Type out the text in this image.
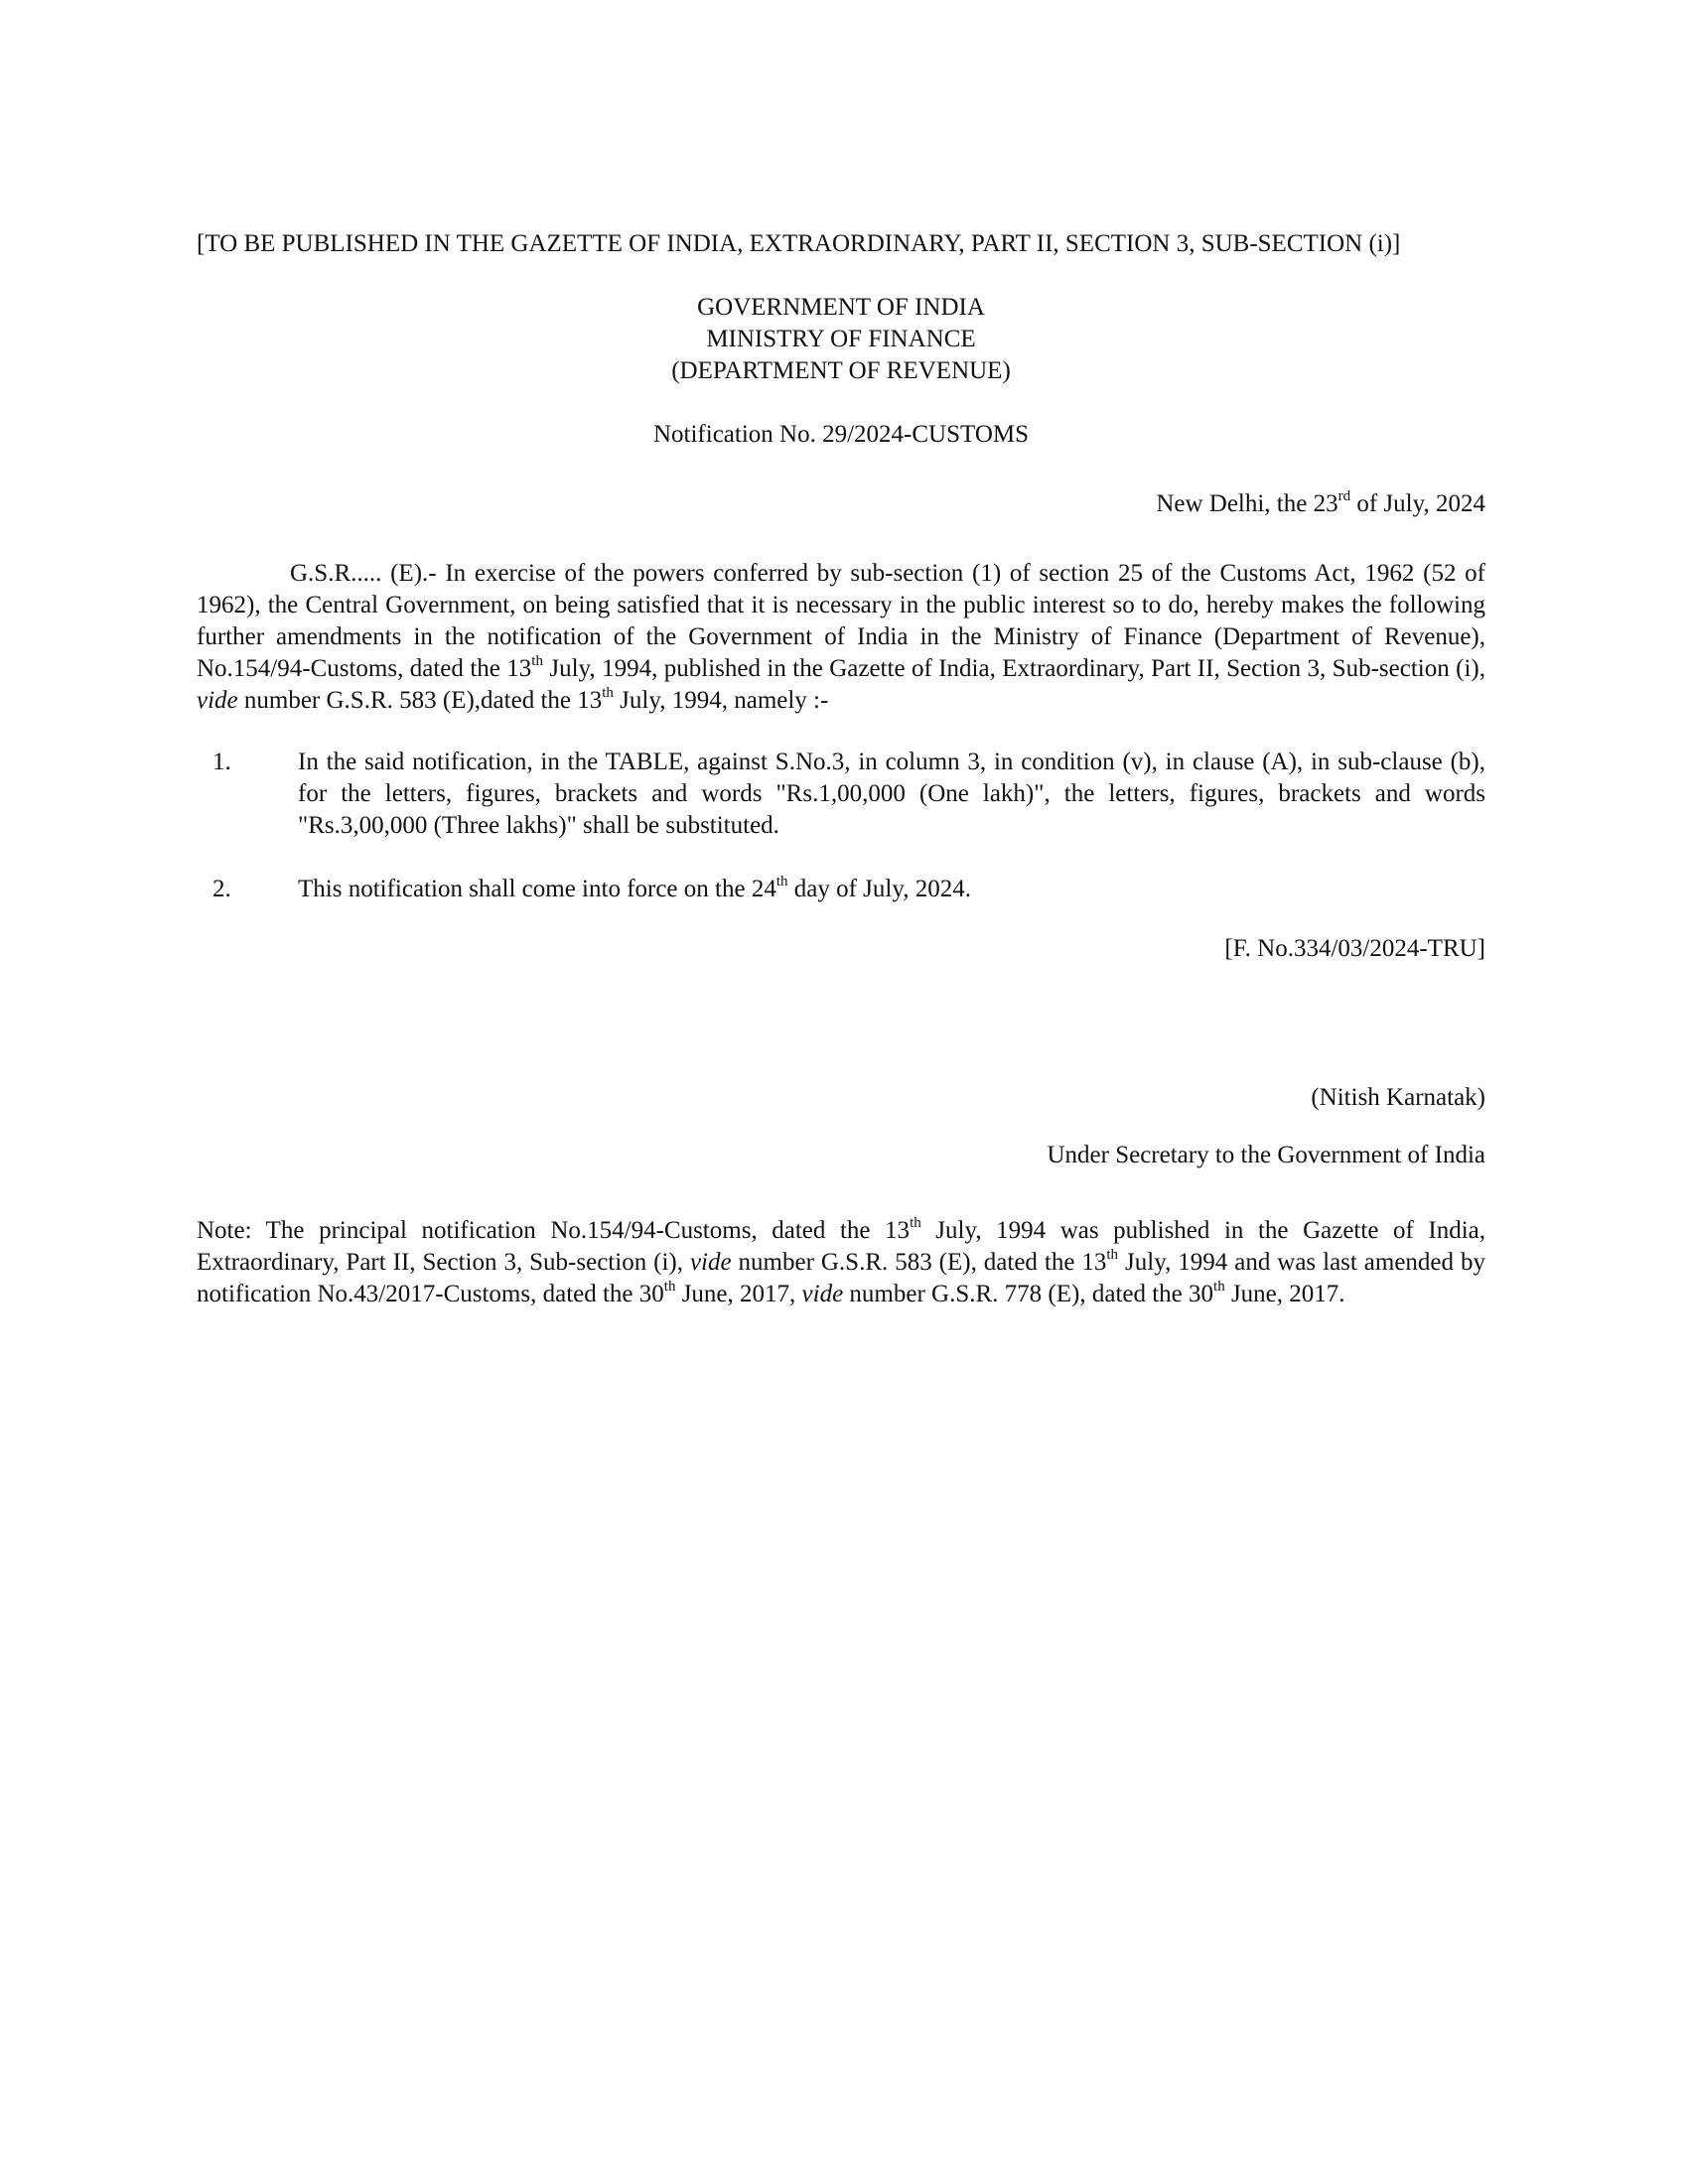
[TO BE PUBLISHED IN THE GAZETTE OF INDIA, EXTRAORDINARY, PART II, SECTION 3, SUB-SECTION (i)]

GOVERNMENT OF INDIA
MINISTRY OF FINANCE
(DEPARTMENT OF REVENUE)
Notification No. 29/2024-CUSTOMS
New Delhi, the 23rd of July, 2024
G.S.R..... (E).- In exercise of the powers conferred by sub-section (1) of section 25 of the Customs Act, 1962 (52 of 1962), the Central Government, on being satisfied that it is necessary in the public interest so to do, hereby makes the following further amendments in the notification of the Government of India in the Ministry of Finance (Department of Revenue), No.154/94-Customs, dated the 13th July, 1994, published in the Gazette of India, Extraordinary, Part II, Section 3, Sub-section (i), vide number G.S.R. 583 (E),dated the 13th July, 1994, namely :-
1.	In the said notification, in the TABLE, against S.No.3, in column 3, in condition (v), in clause (A), in sub-clause (b), for the letters, figures, brackets and words "Rs.1,00,000 (One lakh)", the letters, figures, brackets and words "Rs.3,00,000 (Three lakhs)" shall be substituted.
2.	This notification shall come into force on the 24th day of July, 2024.
[F. No.334/03/2024-TRU]
(Nitish Karnatak)
Under Secretary to the Government of India
Note: The principal notification No.154/94-Customs, dated the 13th July, 1994 was published in the Gazette of India, Extraordinary, Part II, Section 3, Sub-section (i), vide number G.S.R. 583 (E), dated the 13th July, 1994 and was last amended by notification No.43/2017-Customs, dated the 30th June, 2017, vide number G.S.R. 778 (E), dated the 30th June, 2017.
